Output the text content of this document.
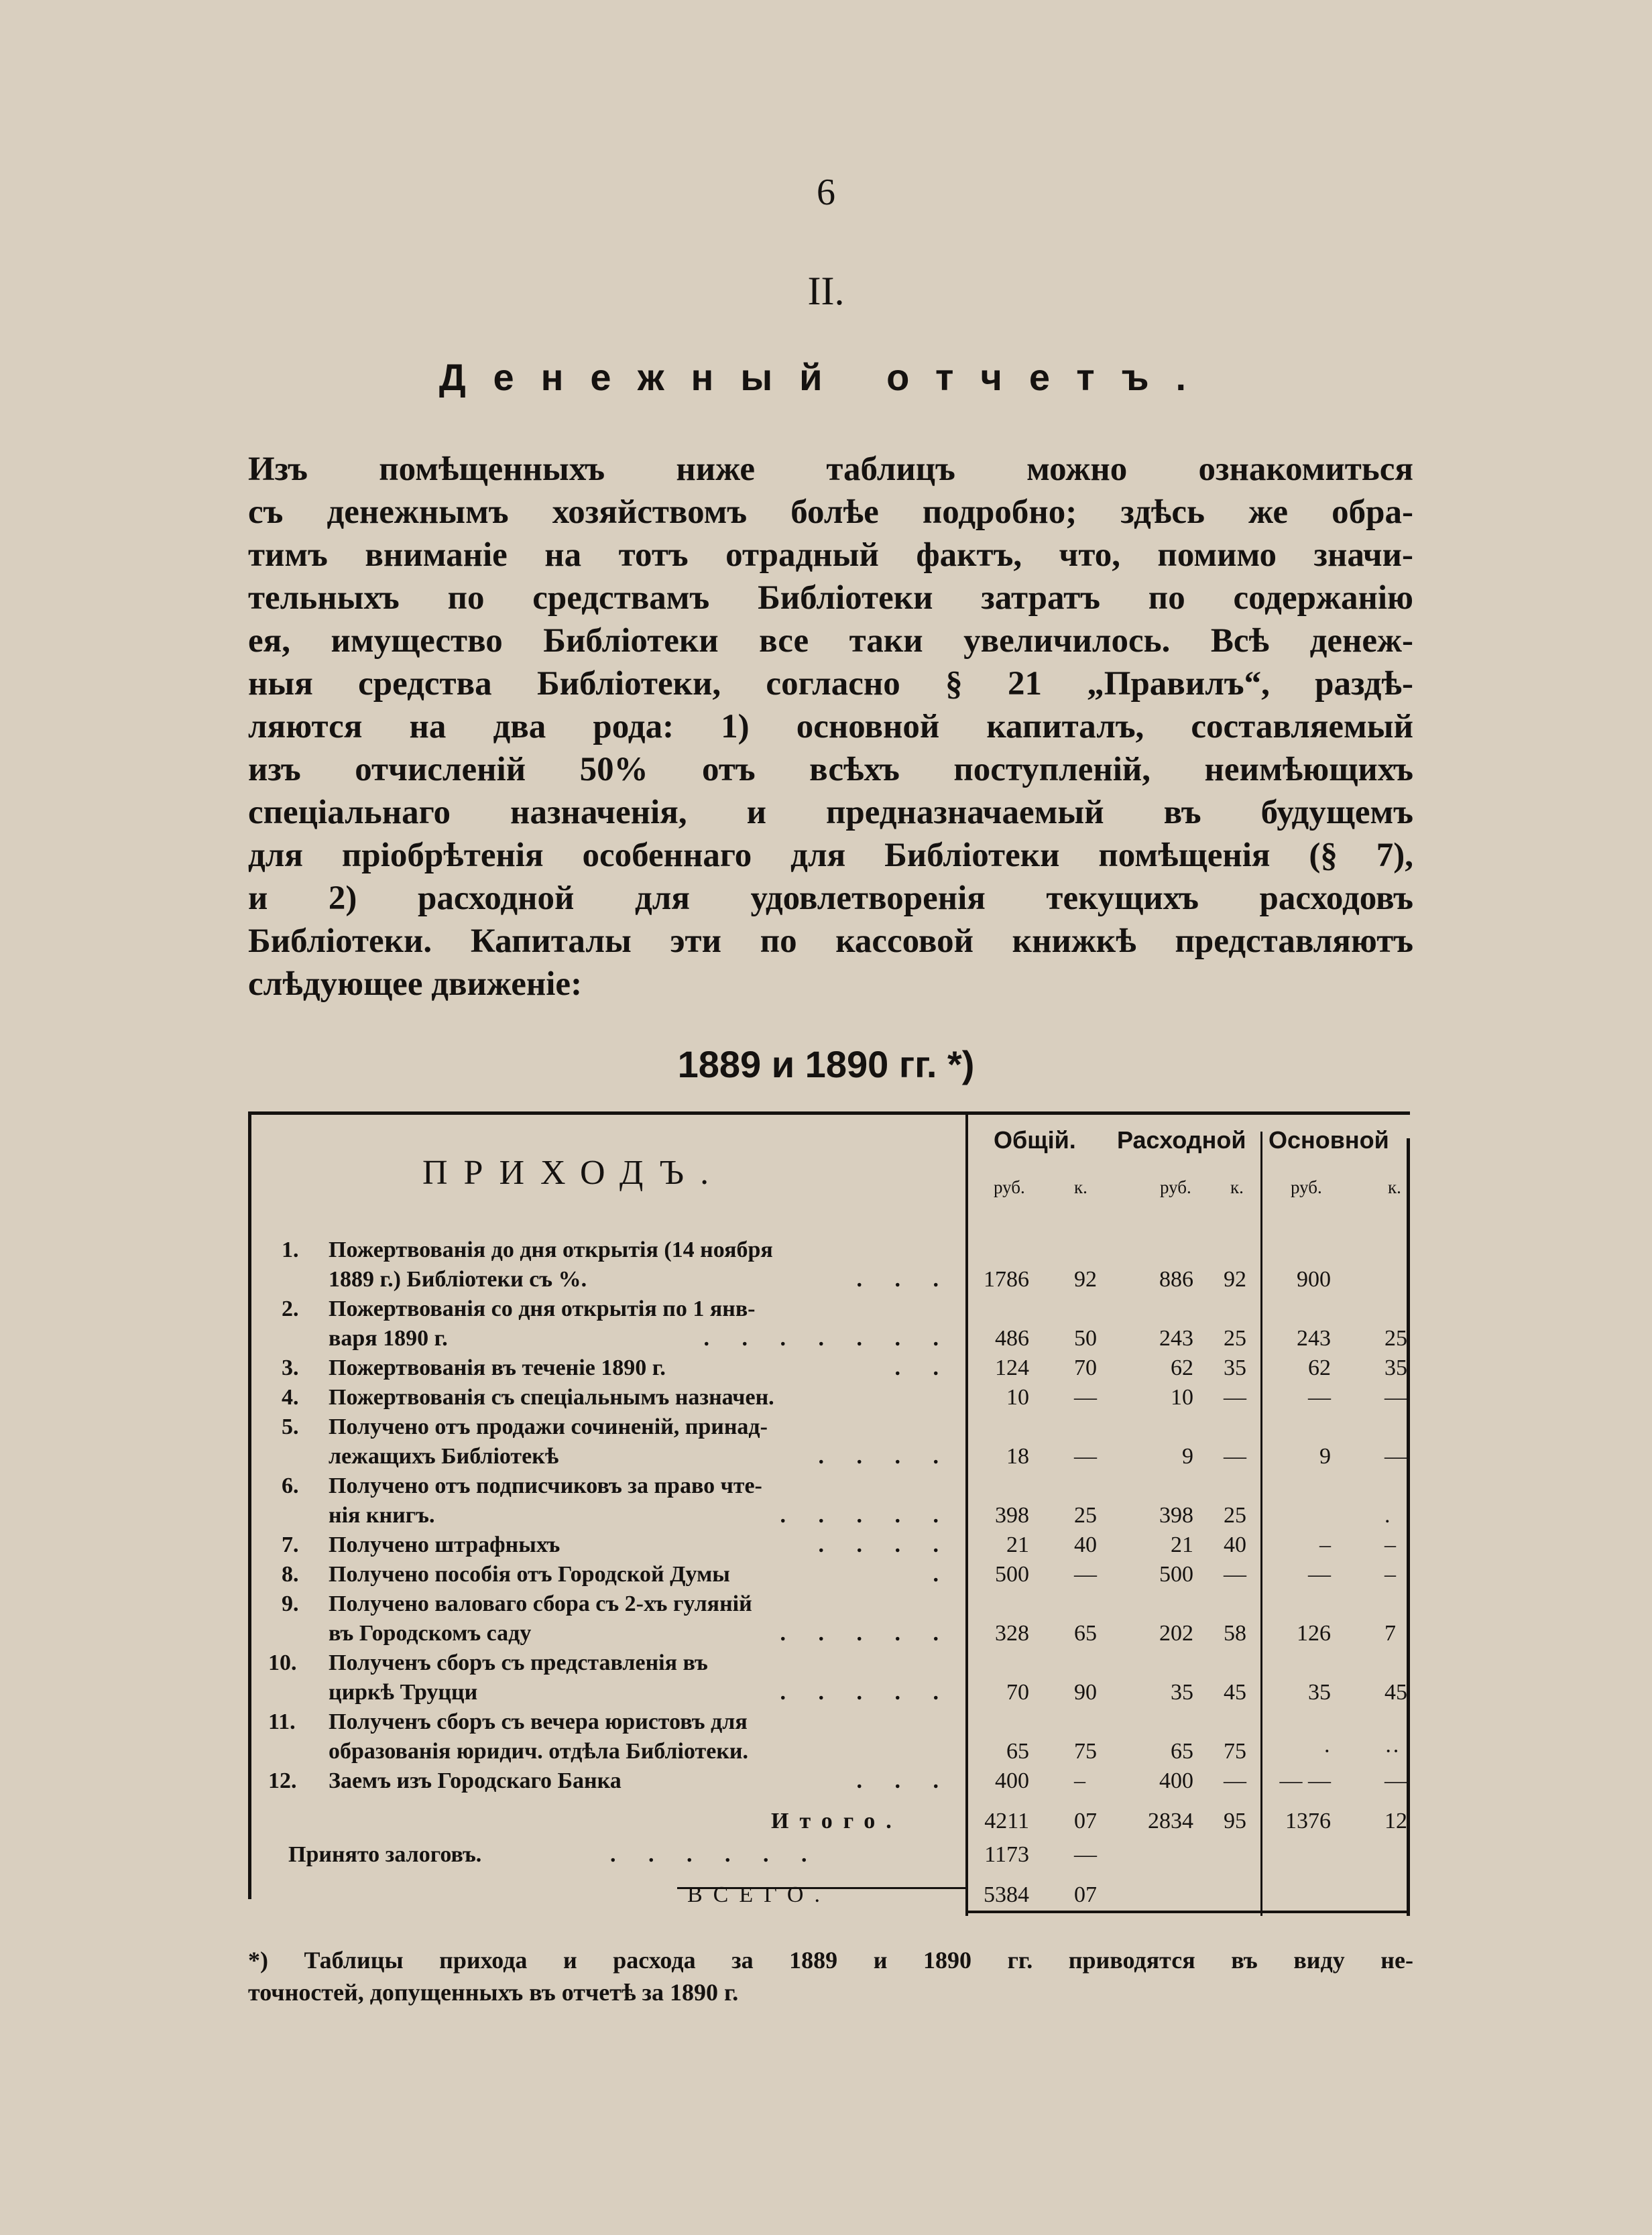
6
II.
Денежный отчетъ.
Изъ помѣщенныхъ ниже таблицъ можно ознакомиться
съ денежнымъ хозяйствомъ болѣе подробно; здѣсь же обра-
тимъ вниманіе на тотъ отрадный фактъ, что, помимо значи-
тельныхъ по средствамъ Библіотеки затратъ по содержанію
ея, имущество Библіотеки все таки увеличилось. Всѣ денеж-
ныя средства Библіотеки, согласно § 21 „Правилъ“, раздѣ-
ляются на два рода: 1) основной капиталъ, составляемый
изъ отчисленій 50% отъ всѣхъ поступленій, неимѣющихъ
спеціальнаго назначенія, и предназначаемый въ будущемъ
для пріобрѣтенія особеннаго для Библіотеки помѣщенія (§ 7),
и 2) расходной для удовлетворенія текущихъ расходовъ
Библіотеки. Капиталы эти по кассовой книжкѣ представляютъ
слѣдующее движеніе:
1889 и 1890 гг. *)
ПРИХОДЪ.
Общій. Расходной Основной
руб.	к.	руб. к.	руб.	к.
1. Пожертвованія до дня открытія (14 ноября
1889 г.) Библіотеки съ %.	. . .	1786 92	886 92	900
2. Пожертвованія со дня открытія по 1 янв-
варя 1890 г.	. . . . . . .	486 50	243 25	243 25
3. Пожертвованія въ теченіе 1890 г.	. .	124 70	62 35	62 35
4. Пожертвованія съ спеціальнымъ назначен.	10 —	10 —	— —
5. Получено отъ продажи сочиненій, принад-
лежащихъ Библіотекѣ	. . . .	18 —	9 —	9 —
6. Получено отъ подписчиковъ за право чте-
нія книгъ.	. . . . .	398 25	398 25	.
7. Получено штрафныхъ	. . . .	21 40	21 40	– –
8. Получено пособія отъ Городской Думы	.	500 —	500 —	— –
9. Получено валоваго сбора съ 2-хъ гуляній
въ Городскомъ саду	. . . . .	328 65	202 58	126 7
10. Полученъ сборъ съ представленія въ
циркѣ Труцци	. . . . .	70 90	35 45	35 45
11. Полученъ сборъ съ вечера юристовъ для
образованія юридич. отдѣла Библіотеки.	65 75	65 75	· ··
12. Заемъ изъ Городскаго Банка	. . .	400 –	400 —	— — —
Итого.	4211 07	2834 95	1376 12
Принято залоговъ.	. . . . . .	1173 —
ВСЕГО.	5384 07
*) Таблицы прихода и расхода за 1889 и 1890 гг. приводятся въ виду не-
точностей, допущенныхъ въ отчетѣ за 1890 г.
